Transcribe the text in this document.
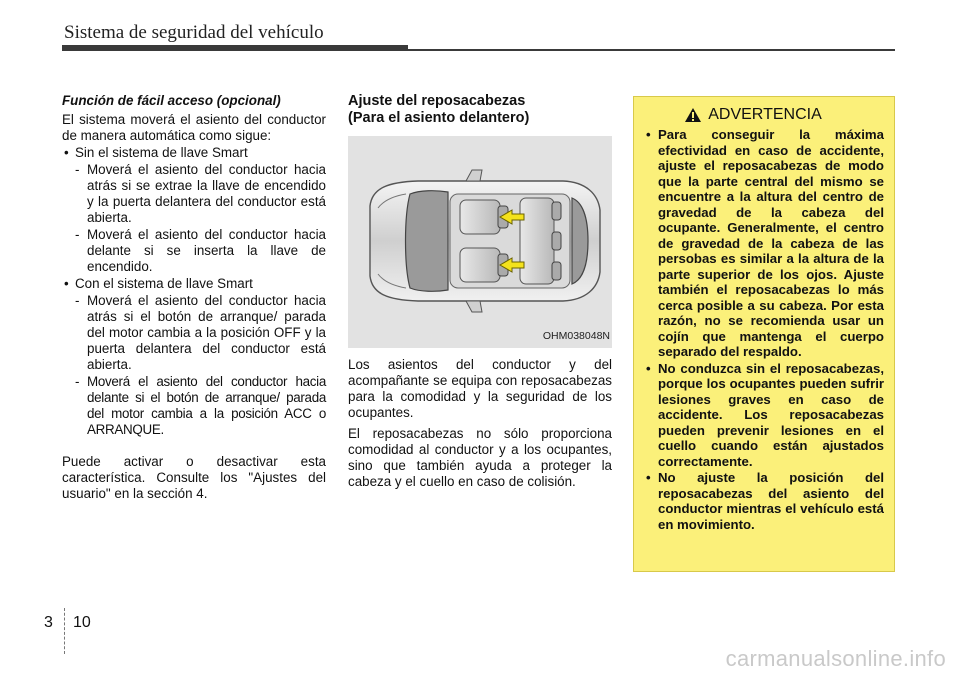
Sistema de seguridad del vehículo
Función de fácil acceso (opcional)

El sistema moverá el asiento del conductor de manera automática como sigue:

• Sin el sistema de llave Smart
- Moverá el asiento del conductor hacia atrás si se extrae la llave de encendido y la puerta delantera del conductor está abierta.
- Moverá el asiento del conductor hacia delante si se inserta la llave de encendido.
• Con el sistema de llave Smart
- Moverá el asiento del conductor hacia atrás si el botón de arranque/ parada del motor cambia a la posición OFF y la puerta delantera del conductor está abierta.
- Moverá el asiento del conductor hacia delante si el botón de arranque/ parada del motor cambia a la posición ACC o ARRANQUE.

Puede activar o desactivar esta característica. Consulte los "Ajustes del usuario" en la sección 4.

Ajuste del reposacabezas
(Para el asiento delantero)
OHM038048N

Los asientos del conductor y del acompañante se equipa con reposacabezas para la comodidad y la seguridad de los ocupantes.

El reposacabezas no sólo proporciona comodidad al conductor y a los ocupantes, sino que también ayuda a proteger la cabeza y el cuello en caso de colisión.

ADVERTENCIA
• Para conseguir la máxima efectividad en caso de accidente, ajuste el reposacabezas de modo que la parte central del mismo se encuentre a la altura del centro de gravedad de la cabeza del ocupante. Generalmente, el centro de gravedad de la cabeza de las persobas es similar a la altura de la parte superior de los ojos. Ajuste también el reposacabezas lo más cerca posible a su cabeza. Por esta razón, no se recomienda usar un cojín que mantenga el cuerpo separado del respaldo.
• No conduzca sin el reposacabezas, porque los ocupantes pueden sufrir lesiones graves en caso de accidente. Los reposacabezas pueden prevenir lesiones en el cuello cuando están ajustados correctamente.
• No ajuste la posición del reposacabezas del asiento del conductor mientras el vehículo está en movimiento.
3 10
carmanualsonline.info
